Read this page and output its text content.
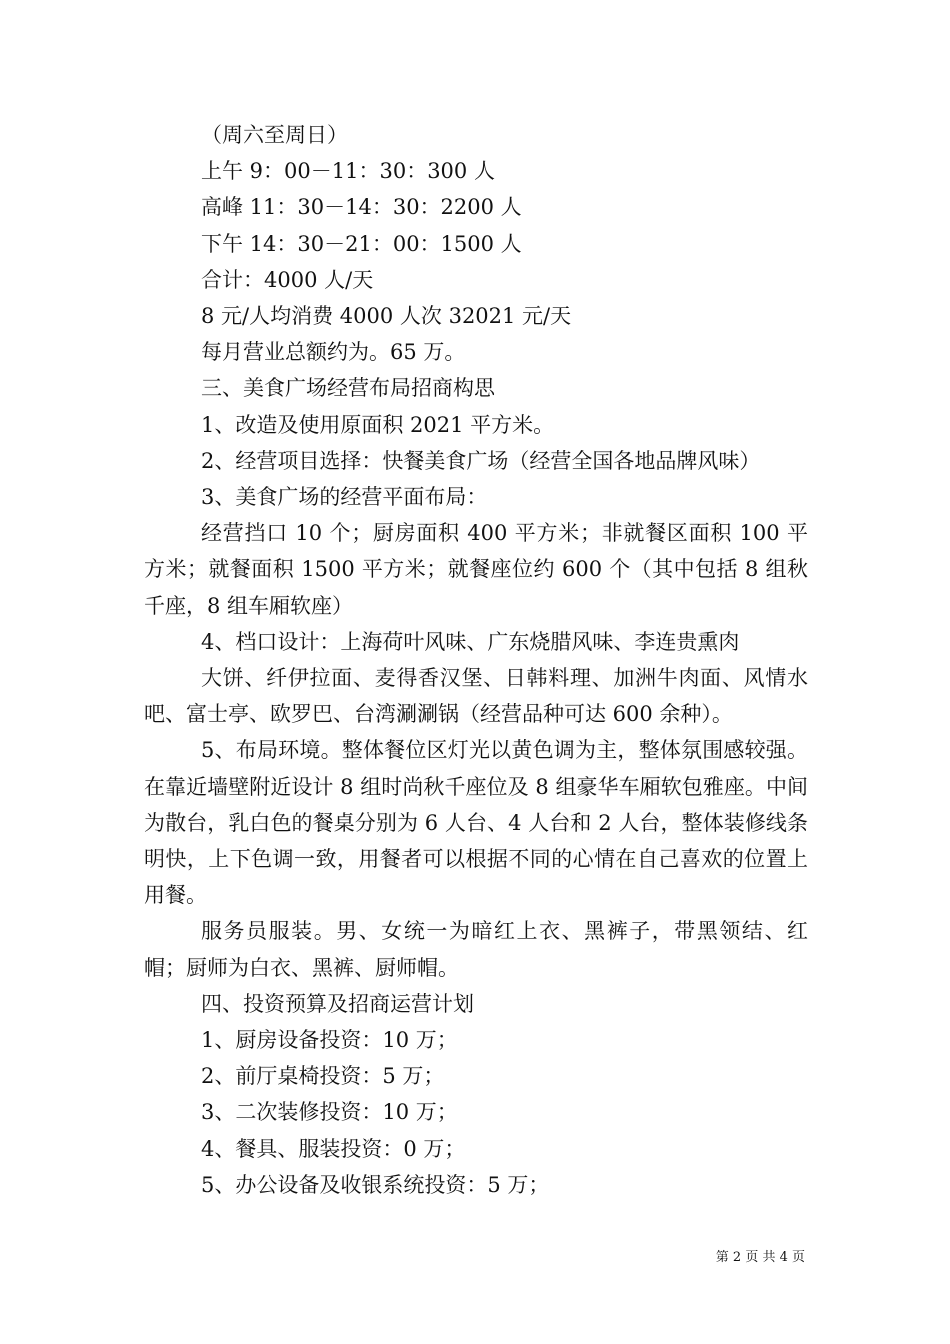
（周六至周日）

上午 9：00－11：30：300 人

高峰 11：30－14：30：2200 人

下午 14：30－21：00：1500 人

合计：4000 人/天

8 元/人均消费 4000 人次 32021 元/天

每月营业总额约为。65 万。

三、美食广场经营布局招商构思

1、改造及使用原面积 2021 平方米。

2、经营项目选择：快餐美食广场（经营全国各地品牌风味）

3、美食广场的经营平面布局：

经营挡口 10 个；厨房面积 400 平方米；非就餐区面积 100 平方米；就餐面积 1500 平方米；就餐座位约 600 个（其中包括 8 组秋千座，8 组车厢软座）

4、档口设计：上海荷叶风味、广东烧腊风味、李连贵熏肉

大饼、纤伊拉面、麦得香汉堡、日韩料理、加洲牛肉面、风情水吧、富士亭、欧罗巴、台湾涮涮锅（经营品种可达 600 余种）。

5、布局环境。整体餐位区灯光以黄色调为主，整体氛围感较强。在靠近墙壁附近设计 8 组时尚秋千座位及 8 组豪华车厢软包雅座。中间为散台，乳白色的餐桌分别为 6 人台、4 人台和 2 人台，整体装修线条明快，上下色调一致，用餐者可以根据不同的心情在自己喜欢的位置上用餐。

服务员服装。男、女统一为暗红上衣、黑裤子，带黑领结、红帽；厨师为白衣、黑裤、厨师帽。

四、投资预算及招商运营计划

1、厨房设备投资：10 万；

2、前厅桌椅投资：5 万；

3、二次装修投资：10 万；

4、餐具、服装投资：0 万；

5、办公设备及收银系统投资：5 万；

第 2 页 共 4 页
